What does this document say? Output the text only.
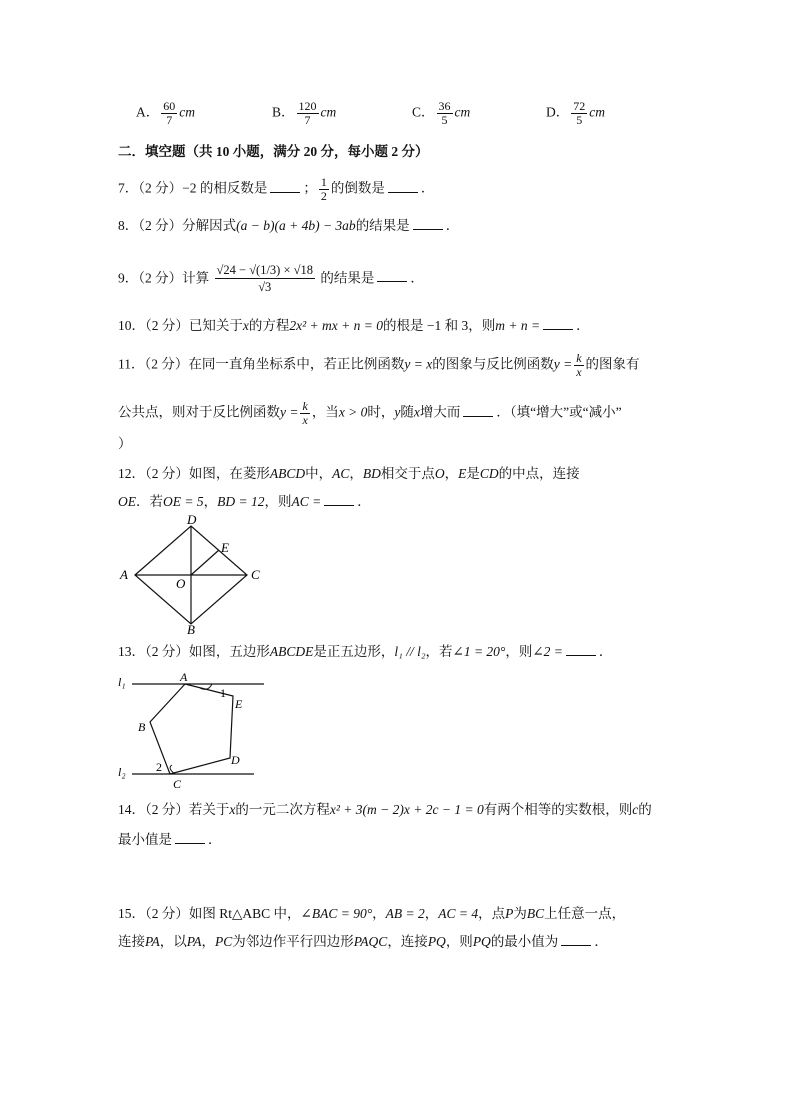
A． $\frac{60}{7}$ cm	B． $\frac{120}{7}$ cm	C． $\frac{36}{5}$ cm	D． $\frac{72}{5}$ cm
二．填空题（共 10 小题，满分 20 分，每小题 2 分）
7．（2 分）−2 的相反数是	； $\frac{1}{2}$ 的倒数是	．
8．（2 分）分解因式(a − b)(a + 4b) − 3ab的结果是	．
9．（2 分）计算 $\frac{√24 - √(1/3) \times √18}{√3}$ 的结果是	．
10．（2 分）已知关于x的方程2x² + mx + n = 0的根是 −1 和 3，则m + n =	．
11．（2 分）在同一直角坐标系中，若正比例函数y = x的图象与反比例函数$y = \frac{k}{x}$ 的图象有
公共点，则对于反比例函数$y = \frac{k}{x}$ ，当x > 0时，y随x增大而	．（填“增大”或“减小”
）
12．（2 分）如图，在菱形ABCD中，AC，BD相交于点O，E是CD的中点，连接
OE．若OE = 5，BD = 12，则AC =	．
D
E
A
O
C
B
13．（2 分）如图，五边形ABCDE是正五边形，l₁ // l₂，若∠1 = 20°，则∠2 =	．
l₁
l₂
A
1
E
B
D
2
C
14．（2 分）若关于x的一元二次方程x² + 3(m − 2)x + 2c − 1 = 0有两个相等的实数根，则c的
最小值是	．
15．（2 分）如图 Rt△ABC 中，∠BAC = 90°，AB = 2，AC = 4，点P为BC上任意一点，
连接PA，以PA，PC为邻边作平行四边形PAQC，连接PQ，则PQ的最小值为	．
